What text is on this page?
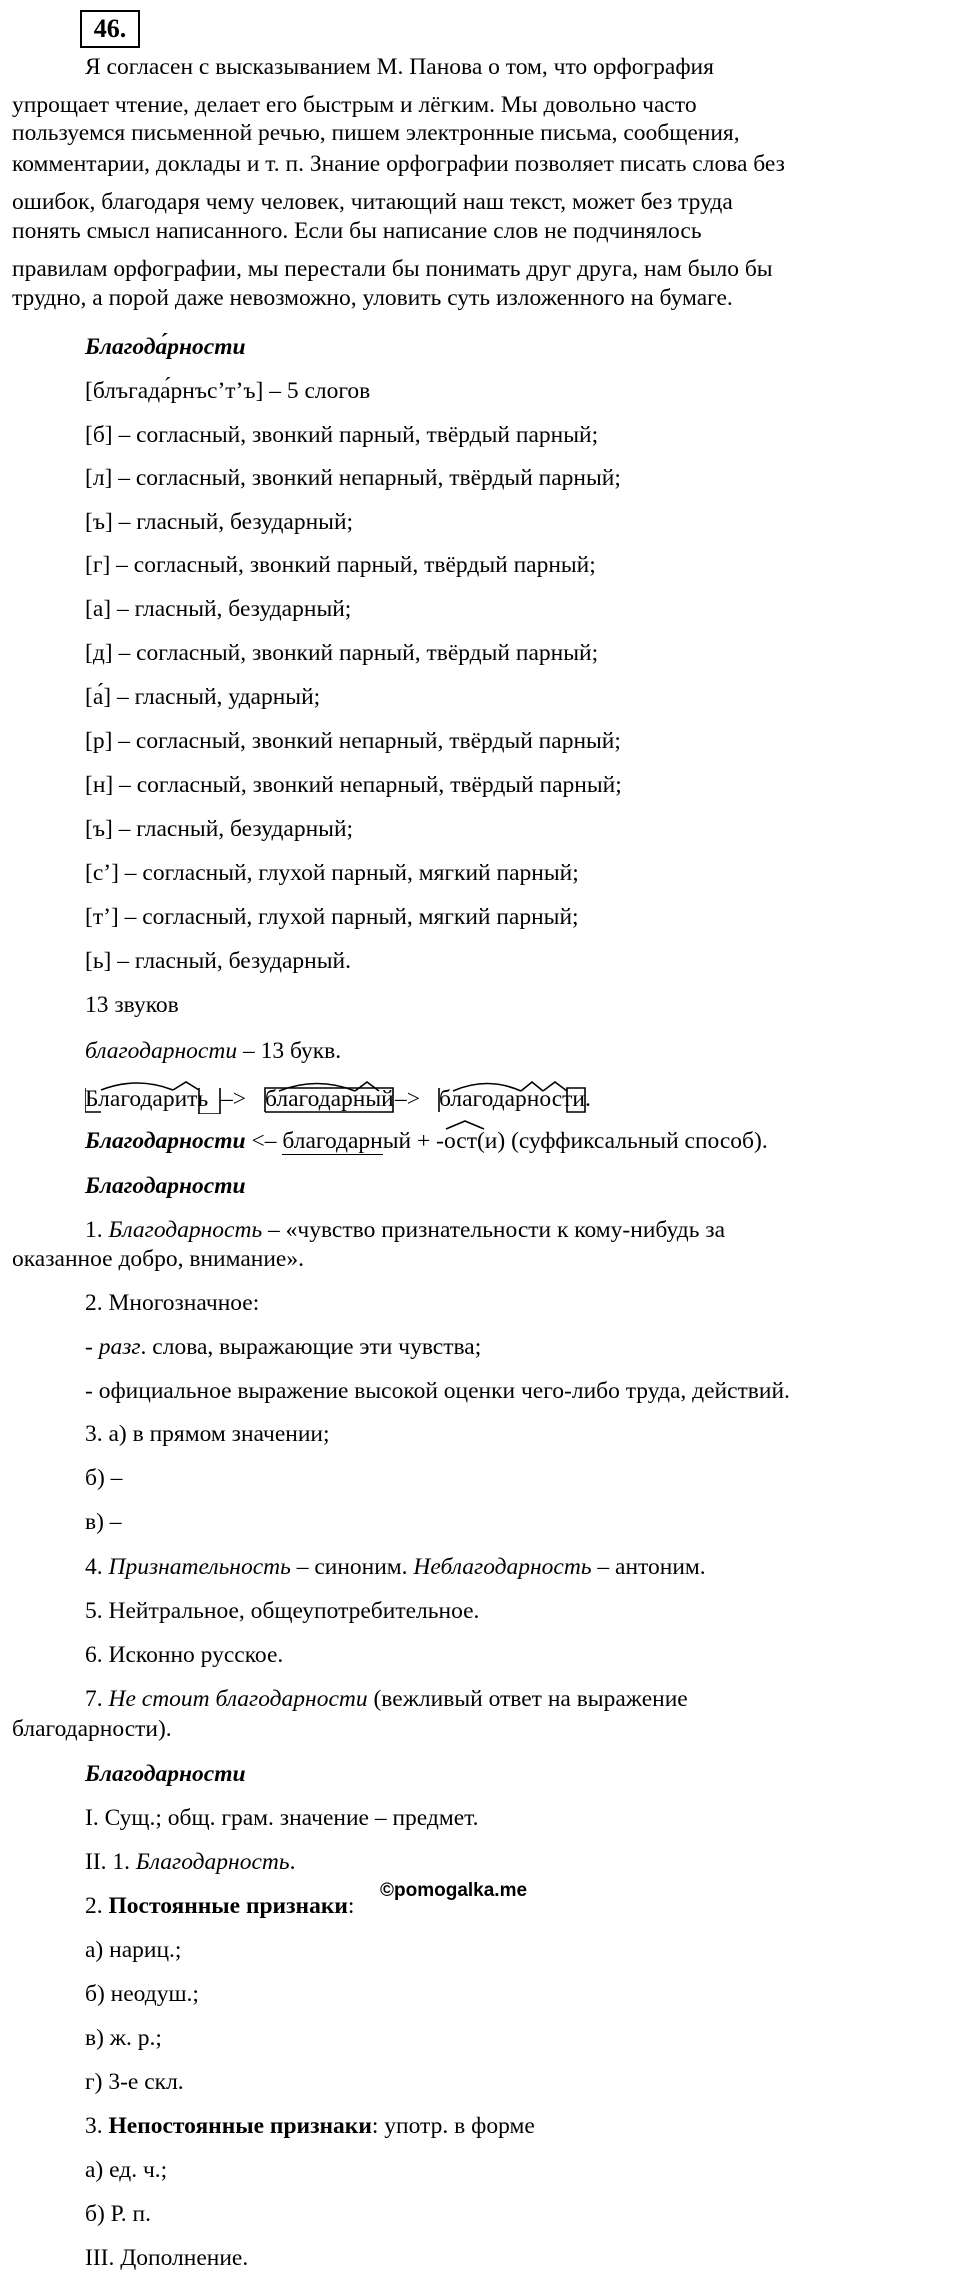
46.
Я согласен с высказыванием М. Панова о том, что орфография
упрощает чтение, делает его быстрым и лёгким. Мы довольно часто
пользуемся письменной речью, пишем электронные письма, сообщения,
комментарии, доклады и т. п. Знание орфографии позволяет писать слова без
ошибок, благодаря чему человек, читающий наш текст, может без труда
понять смысл написанного. Если бы написание слов не подчинялось
правилам орфографии, мы перестали бы понимать друг друга, нам было бы
трудно, а порой даже невозможно, уловить суть изложенного на бумаге.
Благода́рности
[блъгада́рнъс’т’ъ] – 5 слогов
[б] – согласный, звонкий парный, твёрдый парный;
[л] – согласный, звонкий непарный, твёрдый парный;
[ъ] – гласный, безударный;
[г] – согласный, звонкий парный, твёрдый парный;
[а] – гласный, безударный;
[д] – согласный, звонкий парный, твёрдый парный;
[а́] – гласный, ударный;
[р] – согласный, звонкий непарный, твёрдый парный;
[н] – согласный, звонкий непарный, твёрдый парный;
[ъ] – гласный, безударный;
[с’] – согласный, глухой парный, мягкий парный;
[т’] – согласный, глухой парный, мягкий парный;
[ь] – гласный, безударный.
13 звуков
благодарности – 13 букв.
Благодарить –> благодарный –> благодарности .
Благодарности <– благодарный + -
ост(и) (суффиксальный способ).
Благодарности
1. Благодарность – «чувство признательности к кому-нибудь за
оказанное добро, внимание».
2. Многозначное:
- разг. слова, выражающие эти чувства;
- официальное выражение высокой оценки чего-либо труда, действий.
3. а) в прямом значении;
б) –
в) –
4. Признательность – синоним. Неблагодарность – антоним.
5. Нейтральное, общеупотребительное.
6. Исконно русское.
7. Не стоит благодарности (вежливый ответ на выражение
благодарности).
Благодарности
I. Сущ.; общ. грам. значение – предмет.
II. 1. Благодарность.
©pomogalka.me
2. Постоянные признаки:
а) нариц.;
б) неодуш.;
в) ж. р.;
г) 3-е скл.
3. Непостоянные признаки: употр. в форме
а) ед. ч.;
б) Р. п.
III. Дополнение.
